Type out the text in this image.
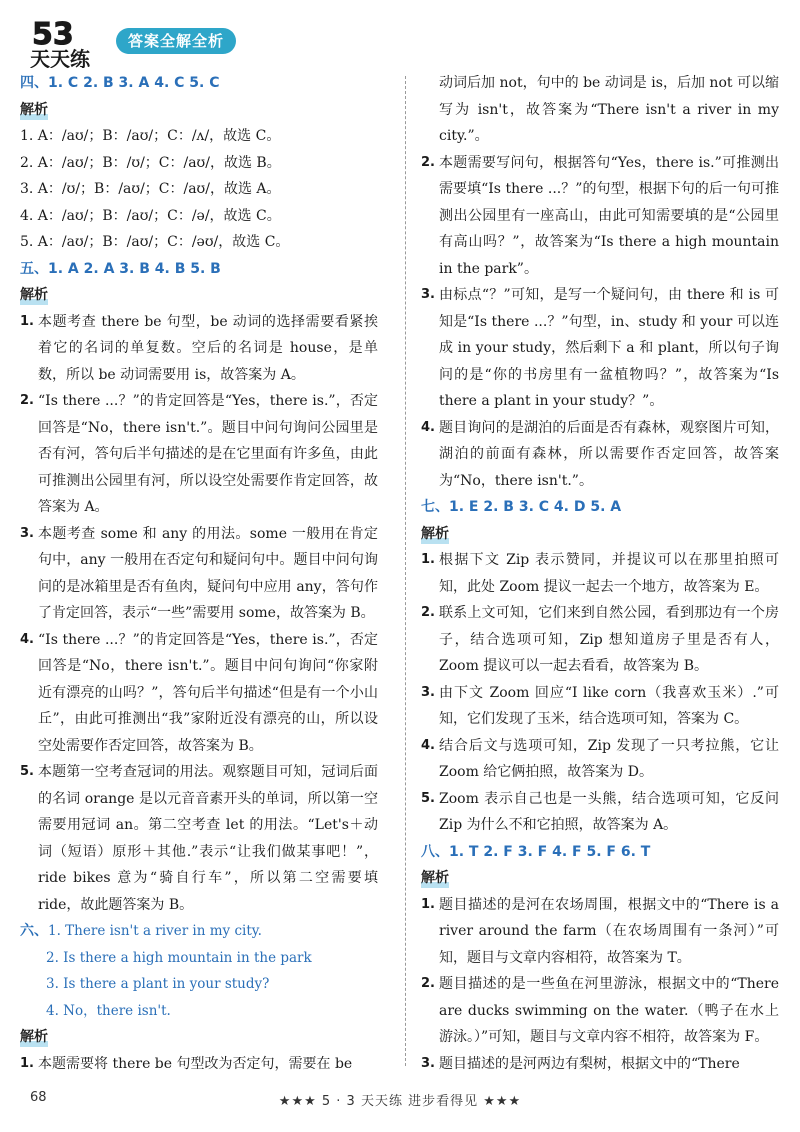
53
天天练
答案全解全析
四、1. C 2. B 3. A 4. C 5. C
解析
1. A：/aʊ/；B：/aʊ/；C：/ʌ/，故选 C。
2. A：/aʊ/；B：/ʊ/；C：/aʊ/，故选 B。
3. A：/ʊ/；B：/aʊ/；C：/aʊ/，故选 A。
4. A：/aʊ/；B：/aʊ/；C：/ə/，故选 C。
5. A：/aʊ/；B：/aʊ/；C：/əʊ/，故选 C。
五、1. A 2. A 3. B 4. B 5. B
解析
1. 本题考查 there be 句型，be 动词的选择需要看紧挨着它的名词的单复数。空后的名词是 house，是单数，所以 be 动词需要用 is，故答案为 A。
2. “Is there ...？”的肯定回答是“Yes，there is.”，否定回答是“No，there isn't.”。题目中问句询问公园里是否有河，答句后半句描述的是在它里面有许多鱼，由此可推测出公园里有河，所以设空处需要作肯定回答，故答案为 A。
3. 本题考查 some 和 any 的用法。some 一般用在肯定句中，any 一般用在否定句和疑问句中。题目中问句询问的是冰箱里是否有鱼肉，疑问句中应用 any，答句作了肯定回答，表示“一些”需要用 some，故答案为 B。
4. “Is there ...？”的肯定回答是“Yes，there is.”，否定回答是“No，there isn't.”。题目中问句询问“你家附近有漂亮的山吗？”，答句后半句描述“但是有一个小山丘”，由此可推测出“我”家附近没有漂亮的山，所以设空处需要作否定回答，故答案为 B。
5. 本题第一空考查冠词的用法。观察题目可知，冠词后面的名词 orange 是以元音音素开头的单词，所以第一空需要用冠词 an。第二空考查 let 的用法。“Let's＋动词（短语）原形＋其他.”表示“让我们做某事吧！”，ride bikes 意为“骑自行车”，所以第二空需要填 ride，故此题答案为 B。
六、1. There isn't a river in my city.
2. Is there a high mountain in the park
3. Is there a plant in your study?
4. No，there isn't.
解析
1. 本题需要将 there be 句型改为否定句，需要在 be
动词后加 not，句中的 be 动词是 is，后加 not 可以缩写为 isn't，故答案为“There isn't a river in my city.”。
2. 本题需要写问句，根据答句“Yes，there is.”可推测出需要填“Is there ...？”的句型，根据下句的后一句可推测出公园里有一座高山，由此可知需要填的是“公园里有高山吗？”，故答案为“Is there a high mountain in the park”。
3. 由标点“？”可知，是写一个疑问句，由 there 和 is 可知是“Is there ...？”句型，in、study 和 your 可以连成 in your study，然后剩下 a 和 plant，所以句子询问的是“你的书房里有一盆植物吗？”，故答案为“Is there a plant in your study？”。
4. 题目询问的是湖泊的后面是否有森林，观察图片可知，湖泊的前面有森林，所以需要作否定回答，故答案为“No，there isn't.”。
七、1. E 2. B 3. C 4. D 5. A
解析
1. 根据下文 Zip 表示赞同，并提议可以在那里拍照可知，此处 Zoom 提议一起去一个地方，故答案为 E。
2. 联系上文可知，它们来到自然公园，看到那边有一个房子，结合选项可知，Zip 想知道房子里是否有人，Zoom 提议可以一起去看看，故答案为 B。
3. 由下文 Zoom 回应“I like corn（我喜欢玉米）.”可知，它们发现了玉米，结合选项可知，答案为 C。
4. 结合后文与选项可知，Zip 发现了一只考拉熊，它让 Zoom 给它俩拍照，故答案为 D。
5. Zoom 表示自己也是一头熊，结合选项可知，它反问 Zip 为什么不和它拍照，故答案为 A。
八、1. T 2. F 3. F 4. F 5. F 6. T
解析
1. 题目描述的是河在农场周围，根据文中的“There is a river around the farm（在农场周围有一条河）”可知，题目与文章内容相符，故答案为 T。
2. 题目描述的是一些鱼在河里游泳，根据文中的“There are ducks swimming on the water.（鸭子在水上游泳。）”可知，题目与文章内容不相符，故答案为 F。
3. 题目描述的是河两边有梨树，根据文中的“There
68	★★★ 5 · 3 天天练 进步看得见 ★★★
